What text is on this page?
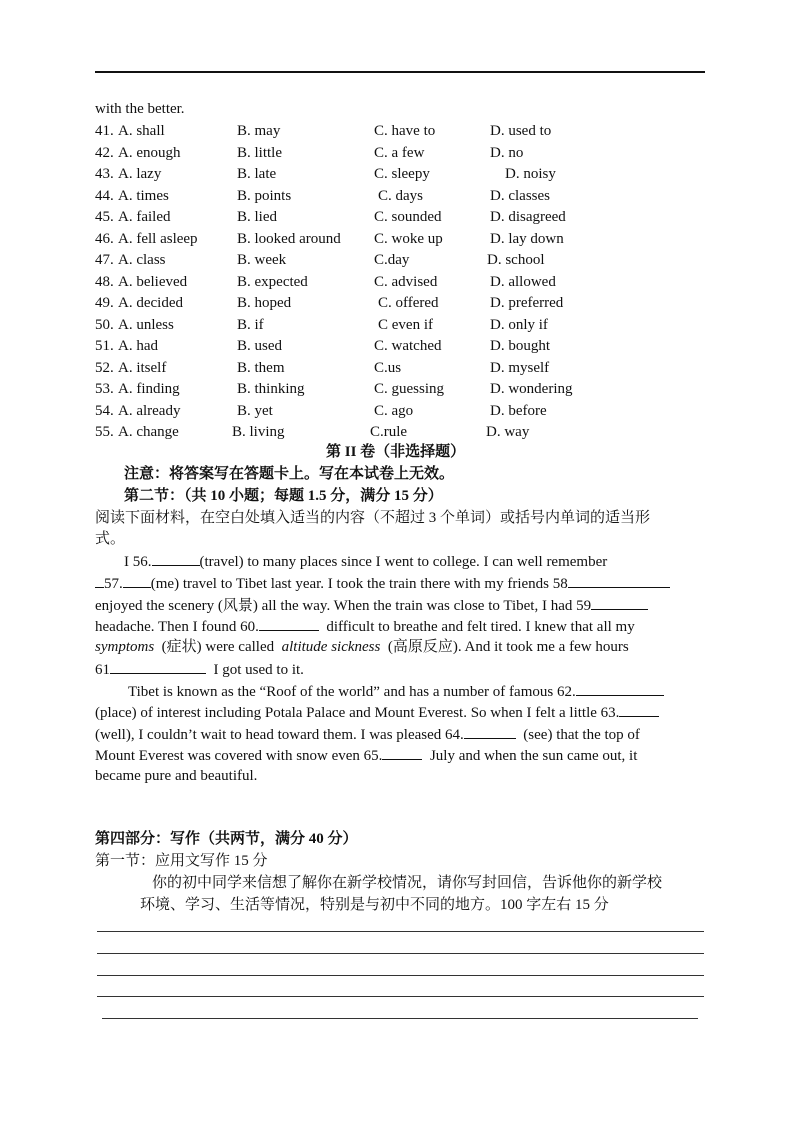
with the better.
41. A. shall	B. may	C. have to	D. used to
42. A. enough	B. little	C. a few	D. no
43. A. lazy	B. late	C. sleepy	D. noisy
44. A. times	B. points	C. days	D. classes
45. A. failed	B. lied	C. sounded	D. disagreed
46. A. fell asleep	B. looked around C. woke up	D. lay down
47. A. class	B. week	C.day	D. school
48. A. believed	B. expected	C. advised	D. allowed
49. A. decided	B. hoped	C. offered	D. preferred
50. A. unless	B. if	C even if	D. only if
51. A. had	B. used	C. watched	D. bought
52. A. itself	B. them	C.us	D. myself
53. A. finding	B. thinking	C. guessing	D. wondering
54. A. already	B. yet	C. ago	D. before
55. A. change	B. living	C.rule	D. way
第 II 卷（非选择题）
注意：将答案写在答题卡上。写在本试卷上无效。
第二节：（共 10 小题；每题 1.5 分，满分 15 分）
阅读下面材料，在空白处填入适当的内容（不超过 3 个单词）或括号内单词的适当形
式。
I 56.	(travel) to many places since I went to college. I can well remember
57. (me) travel to Tibet last year. I took the train there with my friends 58
enjoyed the scenery (风景) all the way. When the train was close to Tibet, I had 59
headache. Then I found 60.	difficult to breathe and felt tired. I knew that all my
symptoms (症状) were called altitude sickness (高原反应). And it took me a few hours
61	I got used to it.
Tibet is known as the “Roof of the world” and has a number of famous 62.
(place) of interest including Potala Palace and Mount Everest. So when I felt a little 63.
(well), I couldn’t wait to head toward them. I was pleased 64.	(see) that the top of
Mount Everest was covered with snow even 65.	July and when the sun came out, it
became pure and beautiful.
第四部分：写作（共两节，满分 40 分）
第一节：应用文写作 15 分
你的初中同学来信想了解你在新学校情况，请你写封回信，告诉他你的新学校
环境、学习、生活等情况，特别是与初中不同的地方。100 字左右 15 分
